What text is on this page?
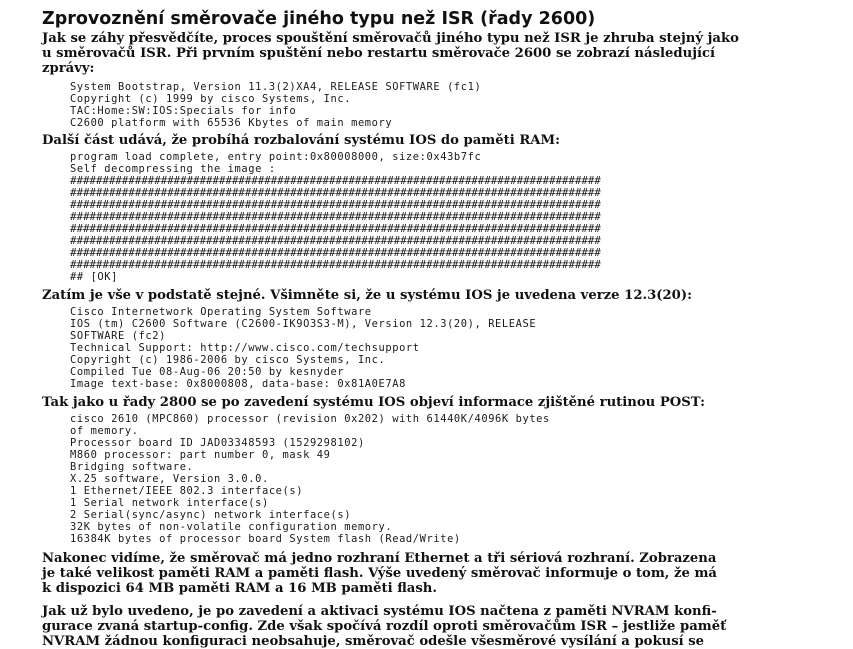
Zprovoznění směrovače jiného typu než ISR (řady 2600)
Jak se záhy přesvědčíte, proces spouštění směrovačů jiného typu než ISR je zhruba stejný jako
u směrovačů ISR. Při prvním spuštění nebo restartu směrovače 2600 se zobrazí následující
zprávy:
System Bootstrap, Version 11.3(2)XA4, RELEASE SOFTWARE (fc1)
Copyright (c) 1999 by cisco Systems, Inc.
TAC:Home:SW:IOS:Specials for info
C2600 platform with 65536 Kbytes of main memory
Další část udává, že probíhá rozbalování systému IOS do paměti RAM:
program load complete, entry point:0x80008000, size:0x43b7fc
Self decompressing the image :
##################################################################################
##################################################################################
##################################################################################
##################################################################################
##################################################################################
##################################################################################
##################################################################################
##################################################################################
## [OK]
Zatím je vše v podstatě stejné. Všimněte si, že u systému IOS je uvedena verze 12.3(20):
Cisco Internetwork Operating System Software
IOS (tm) C2600 Software (C2600-IK9O3S3-M), Version 12.3(20), RELEASE
SOFTWARE (fc2)
Technical Support: http://www.cisco.com/techsupport
Copyright (c) 1986-2006 by cisco Systems, Inc.
Compiled Tue 08-Aug-06 20:50 by kesnyder
Image text-base: 0x8000808, data-base: 0x81A0E7A8
Tak jako u řady 2800 se po zavedení systému IOS objeví informace zjištěné rutinou POST:
cisco 2610 (MPC860) processor (revision 0x202) with 61440K/4096K bytes
of memory.
Processor board ID JAD03348593 (1529298102)
M860 processor: part number 0, mask 49
Bridging software.
X.25 software, Version 3.0.0.
1 Ethernet/IEEE 802.3 interface(s)
1 Serial network interface(s)
2 Serial(sync/async) network interface(s)
32K bytes of non-volatile configuration memory.
16384K bytes of processor board System flash (Read/Write)
Nakonec vidíme, že směrovač má jedno rozhraní Ethernet a tři sériová rozhraní. Zobrazena
je také velikost paměti RAM a paměti flash. Výše uvedený směrovač informuje o tom, že má
k dispozici 64 MB paměti RAM a 16 MB paměti flash.
Jak už bylo uvedeno, je po zavedení a aktivaci systému IOS načtena z paměti NVRAM konfi-
gurace zvaná startup-config. Zde však spočívá rozdíl oproti směrovačům ISR – jestliže paměť
NVRAM žádnou konfiguraci neobsahuje, směrovač odešle všesměrové vysílání a pokusí se
